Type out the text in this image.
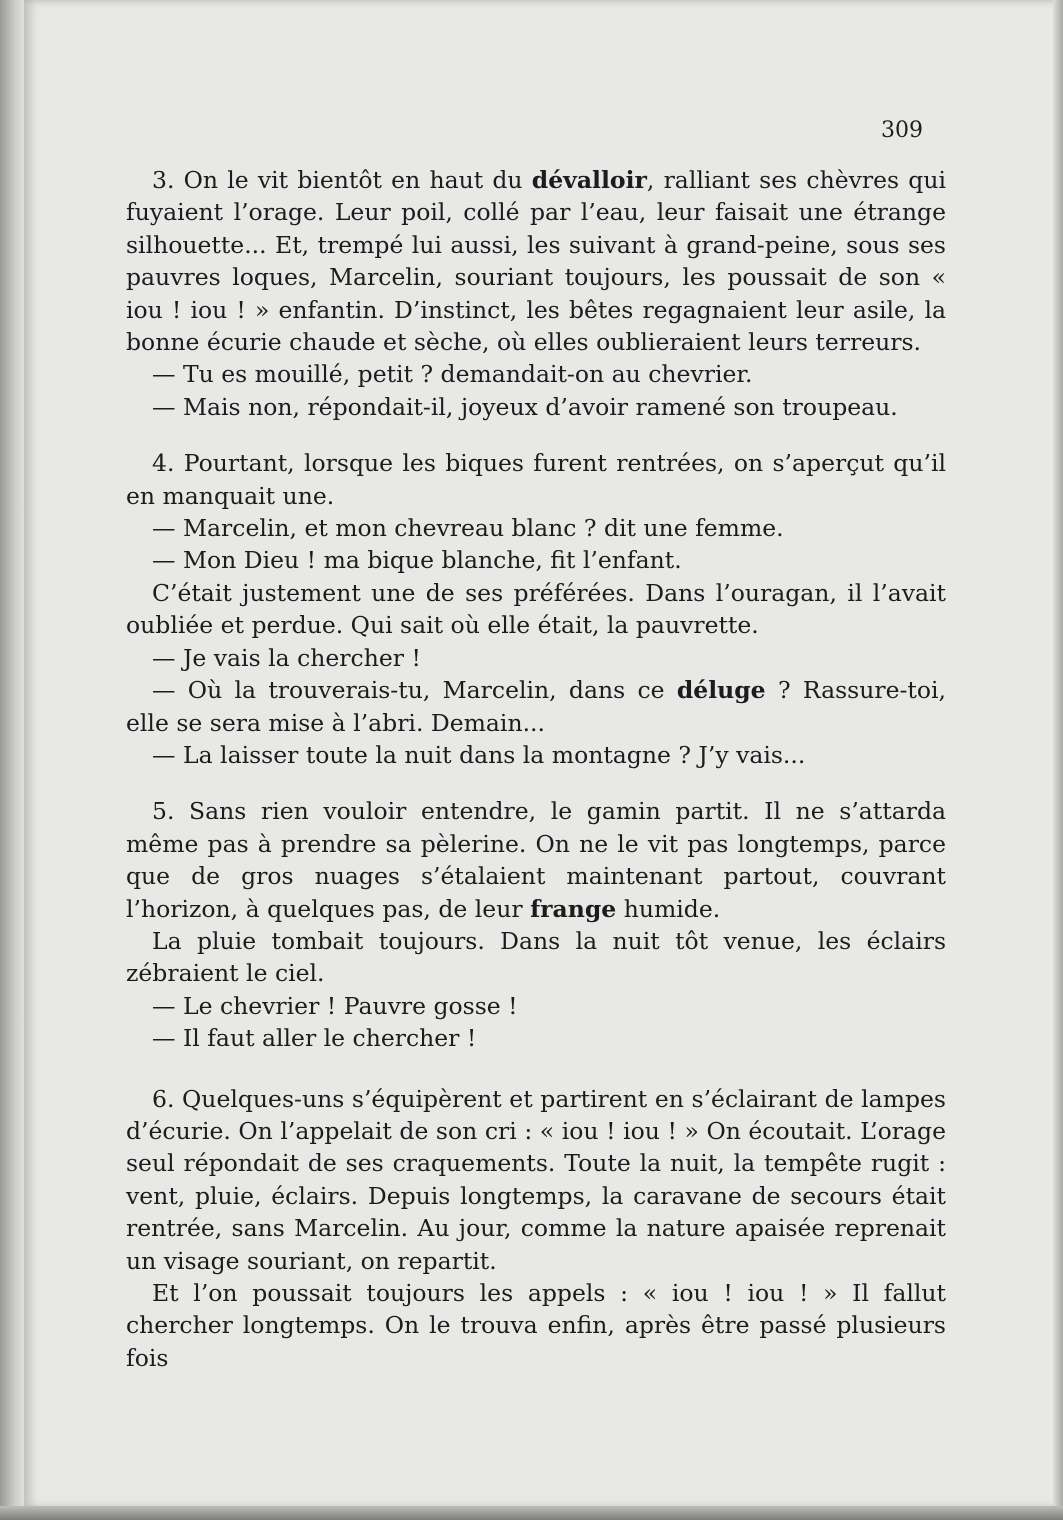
309

3. On le vit bientôt en haut du dévalloir, ralliant ses chèvres qui fuyaient l’orage. Leur poil, collé par l’eau, leur faisait une étrange silhouette... Et, trempé lui aussi, les suivant à grand-peine, sous ses pauvres loques, Marcelin, souriant toujours, les poussait de son « iou ! iou ! » enfantin. D’instinct, les bêtes regagnaient leur asile, la bonne écurie chaude et sèche, où elles oublieraient leurs terreurs.

— Tu es mouillé, petit ? demandait-on au chevrier.

— Mais non, répondait-il, joyeux d’avoir ramené son troupeau.

4. Pourtant, lorsque les biques furent rentrées, on s’aperçut qu’il en manquait une.

— Marcelin, et mon chevreau blanc ? dit une femme.

— Mon Dieu ! ma bique blanche, fit l’enfant.

C’était justement une de ses préférées. Dans l’ouragan, il l’avait oubliée et perdue. Qui sait où elle était, la pauvrette.

— Je vais la chercher !

— Où la trouverais-tu, Marcelin, dans ce déluge ? Rassure-toi, elle se sera mise à l’abri. Demain...

— La laisser toute la nuit dans la montagne ? J’y vais...

5. Sans rien vouloir entendre, le gamin partit. Il ne s’attarda même pas à prendre sa pèlerine. On ne le vit pas longtemps, parce que de gros nuages s’étalaient maintenant partout, couvrant l’horizon, à quelques pas, de leur frange humide.

La pluie tombait toujours. Dans la nuit tôt venue, les éclairs zébraient le ciel.

— Le chevrier ! Pauvre gosse !

— Il faut aller le chercher !

6. Quelques-uns s’équipèrent et partirent en s’éclairant de lampes d’écurie. On l’appelait de son cri : « iou ! iou ! » On écoutait. L’orage seul répondait de ses craquements. Toute la nuit, la tempête rugit : vent, pluie, éclairs. Depuis longtemps, la caravane de secours était rentrée, sans Marcelin. Au jour, comme la nature apaisée reprenait un visage souriant, on repartit.

Et l’on poussait toujours les appels : « iou ! iou ! » Il fallut chercher longtemps. On le trouva enfin, après être passé plusieurs fois
